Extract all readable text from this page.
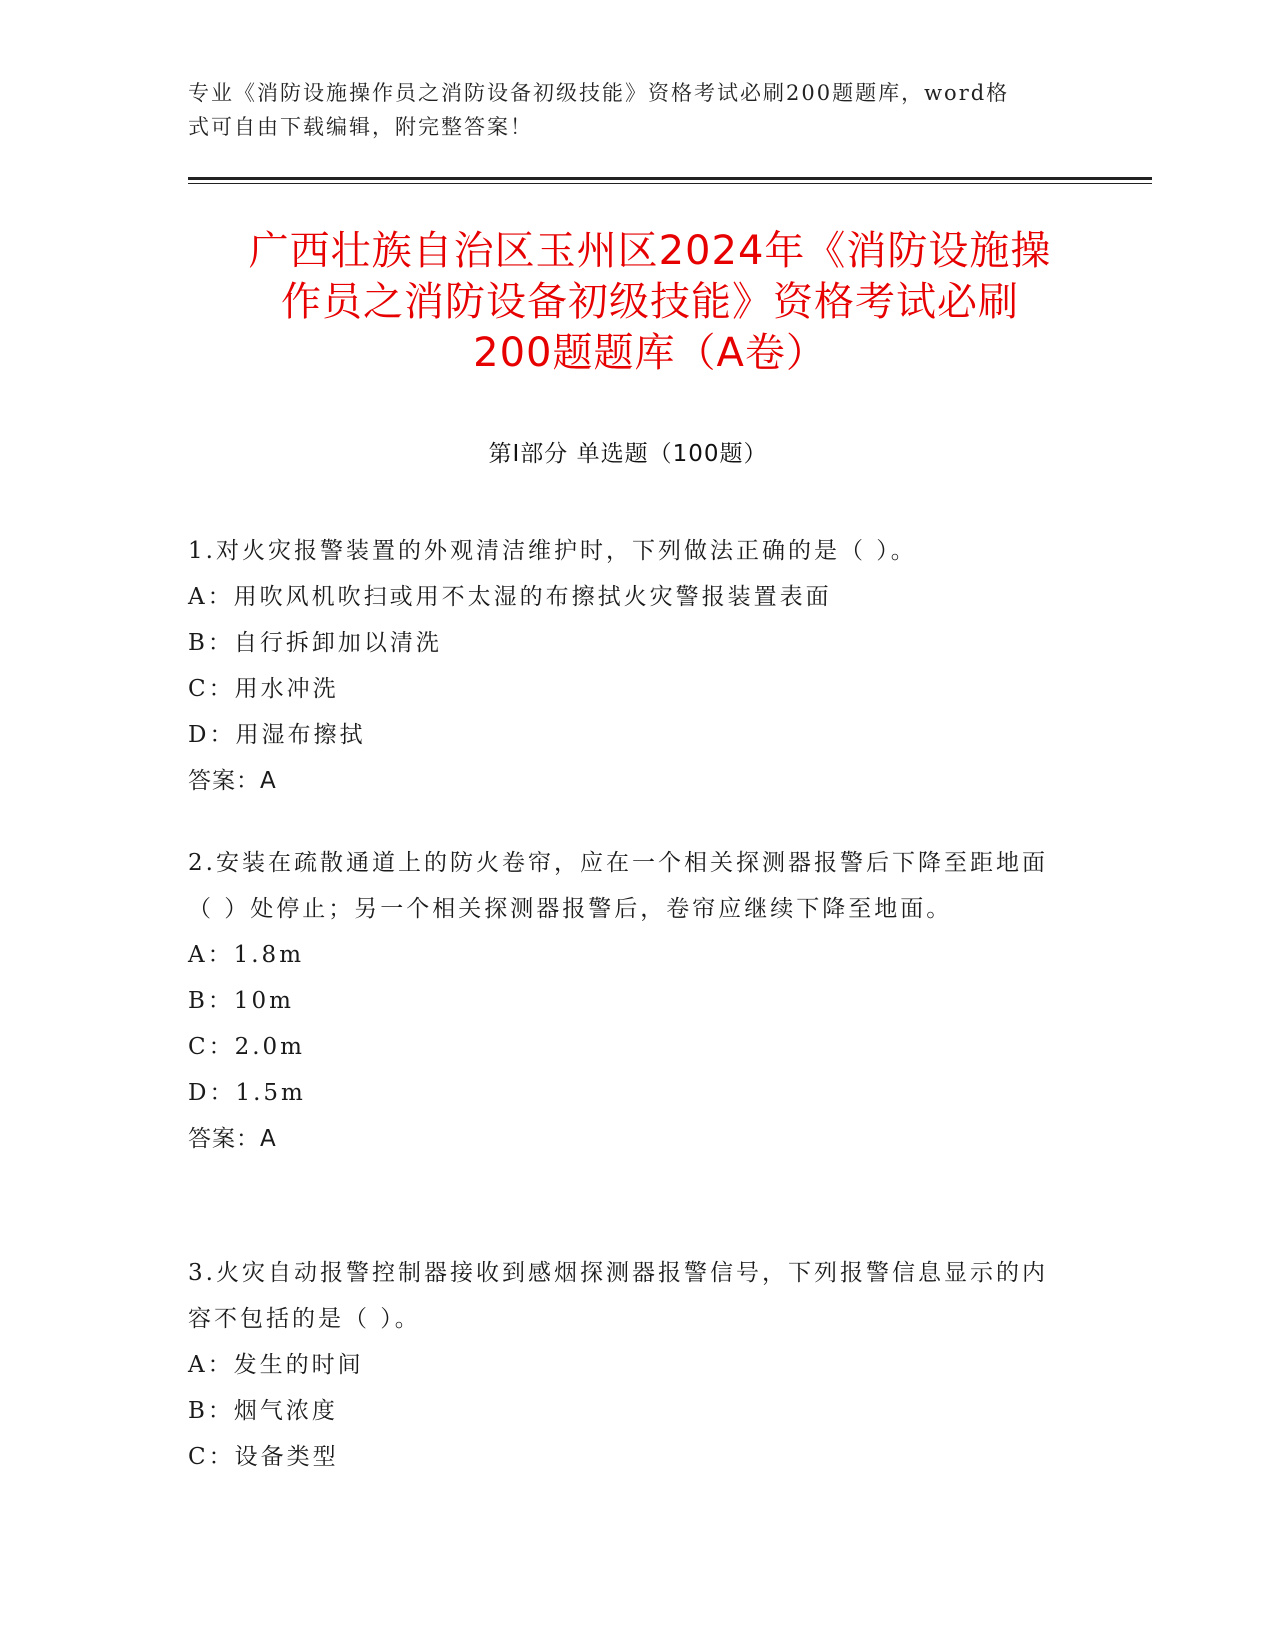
专业《消防设施操作员之消防设备初级技能》资格考试必刷200题题库，word格
式可自由下载编辑，附完整答案！
广西壮族自治区玉州区2024年《消防设施操
作员之消防设备初级技能》资格考试必刷
200题题库（A卷）
第Ⅰ部分 单选题（100题）

1.对火灾报警装置的外观清洁维护时，下列做法正确的是（ ）。

A：用吹风机吹扫或用不太湿的布擦拭火灾警报装置表面

B：自行拆卸加以清洗

C：用水冲洗

D：用湿布擦拭

答案：A

2.安装在疏散通道上的防火卷帘，应在一个相关探测器报警后下降至距地面（ ）处停止；另一个相关探测器报警后，卷帘应继续下降至地面。

A：1.8m

B：10m

C：2.0m

D：1.5m

答案：A

3.火灾自动报警控制器接收到感烟探测器报警信号，下列报警信息显示的内容不包括的是（ ）。

A：发生的时间

B：烟气浓度

C：设备类型
